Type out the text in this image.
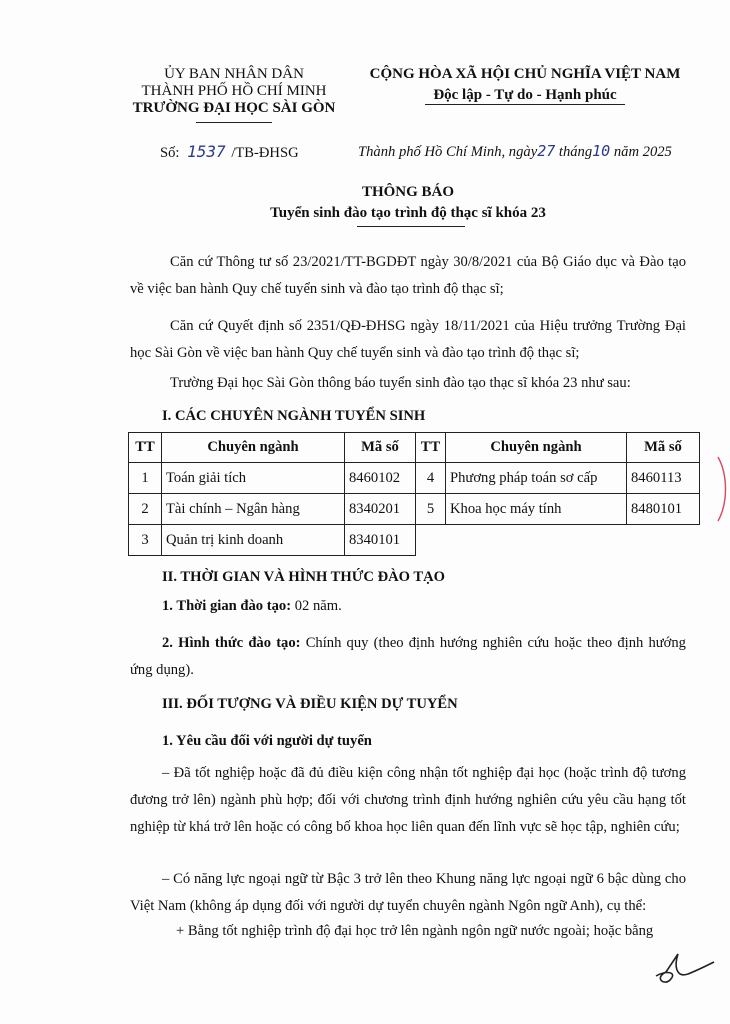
ỦY BAN NHÂN DÂN
THÀNH PHỐ HỒ CHÍ MINH
TRƯỜNG ĐẠI HỌC SÀI GÒN
CỘNG HÒA XÃ HỘI CHỦ NGHĨA VIỆT NAM
Độc lập - Tự do - Hạnh phúc
Số: 1537 /TB-ĐHSG	Thành phố Hồ Chí Minh, ngày27 tháng10 năm 2025
THÔNG BÁO
Tuyển sinh đào tạo trình độ thạc sĩ khóa 23
Căn cứ Thông tư số 23/2021/TT-BGDĐT ngày 30/8/2021 của Bộ Giáo dục và Đào tạo về việc ban hành Quy chế tuyển sinh và đào tạo trình độ thạc sĩ;
Căn cứ Quyết định số 2351/QĐ-ĐHSG ngày 18/11/2021 của Hiệu trưởng Trường Đại học Sài Gòn về việc ban hành Quy chế tuyển sinh và đào tạo trình độ thạc sĩ;
Trường Đại học Sài Gòn thông báo tuyển sinh đào tạo thạc sĩ khóa 23 như sau:
I. CÁC CHUYÊN NGÀNH TUYỂN SINH
TT	Chuyên ngành	Mã số	TT	Chuyên ngành	Mã số
1	Toán giải tích	8460102	4	Phương pháp toán sơ cấp	8460113
2	Tài chính – Ngân hàng	8340201	5	Khoa học máy tính	8480101
3	Quản trị kinh doanh	8340101			
II. THỜI GIAN VÀ HÌNH THỨC ĐÀO TẠO
1. Thời gian đào tạo: 02 năm.
2. Hình thức đào tạo: Chính quy (theo định hướng nghiên cứu hoặc theo định hướng ứng dụng).
III. ĐỐI TƯỢNG VÀ ĐIỀU KIỆN DỰ TUYỂN
1. Yêu cầu đối với người dự tuyển
– Đã tốt nghiệp hoặc đã đủ điều kiện công nhận tốt nghiệp đại học (hoặc trình độ tương đương trở lên) ngành phù hợp; đối với chương trình định hướng nghiên cứu yêu cầu hạng tốt nghiệp từ khá trở lên hoặc có công bố khoa học liên quan đến lĩnh vực sẽ học tập, nghiên cứu;
– Có năng lực ngoại ngữ từ Bậc 3 trở lên theo Khung năng lực ngoại ngữ 6 bậc dùng cho Việt Nam (không áp dụng đối với người dự tuyển chuyên ngành Ngôn ngữ Anh), cụ thể:
+ Bằng tốt nghiệp trình độ đại học trở lên ngành ngôn ngữ nước ngoài; hoặc bằng
